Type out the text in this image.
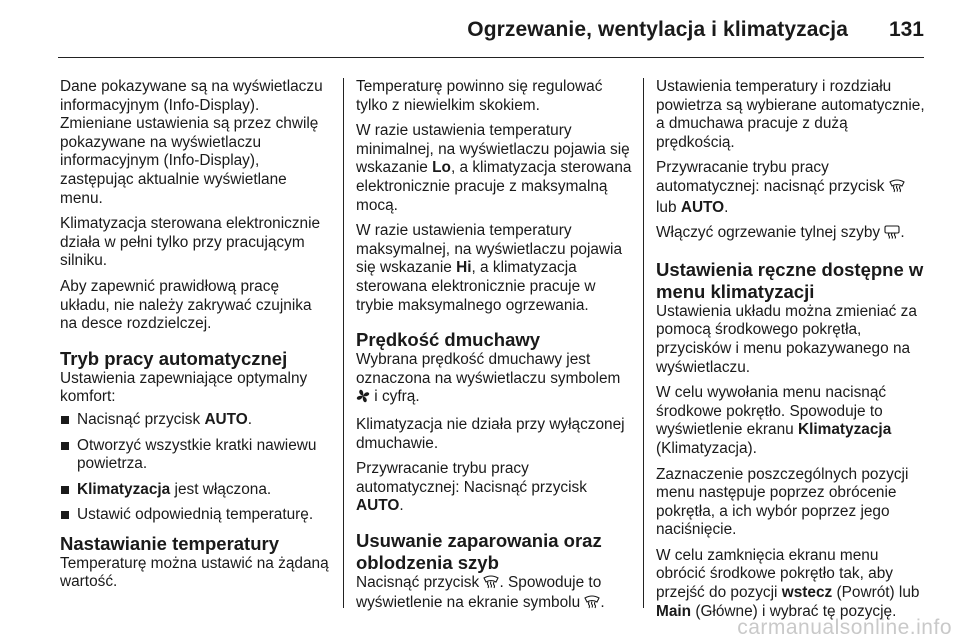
Ogrzewanie, wentylacja i klimatyzacja 131

Dane pokazywane są na wyświetlaczu informacyjnym (Info-Display). Zmieniane ustawienia są przez chwilę pokazywane na wyświetlaczu informacyjnym (Info-Display), zastępując aktualnie wyświetlane menu.

Klimatyzacja sterowana elektronicznie działa w pełni tylko przy pracującym silniku.

Aby zapewnić prawidłową pracę układu, nie należy zakrywać czujnika na desce rozdzielczej.

Tryb pracy automatycznej

Ustawienia zapewniające optymalny komfort:

Nacisnąć przycisk AUTO.
Otworzyć wszystkie kratki nawiewu powietrza.
Klimatyzacja jest włączona.
Ustawić odpowiednią temperaturę.
Nastawianie temperatury

Temperaturę można ustawić na żądaną wartość.

Temperaturę powinno się regulować tylko z niewielkim skokiem.

W razie ustawienia temperatury minimalnej, na wyświetlaczu pojawia się wskazanie Lo, a klimatyzacja sterowana elektronicznie pracuje z maksymalną mocą.

W razie ustawienia temperatury maksymalnej, na wyświetlaczu pojawia się wskazanie Hi, a klimatyzacja sterowana elektronicznie pracuje w trybie maksymalnego ogrzewania.

Prędkość dmuchawy

Wybrana prędkość dmuchawy jest oznaczona na wyświetlaczu symbolem  i cyfrą.

Klimatyzacja nie działa przy wyłączonej dmuchawie.

Przywracanie trybu pracy automatycznej: Nacisnąć przycisk AUTO.

Usuwanie zaparowania oraz oblodzenia szyb

Nacisnąć przycisk . Spowoduje to wyświetlenie na ekranie symbolu .

Ustawienia temperatury i rozdziału powietrza są wybierane automatycznie, a dmuchawa pracuje z dużą prędkością.

Przywracanie trybu pracy automatycznej: nacisnąć przycisk  lub AUTO.

Włączyć ogrzewanie tylnej szyby .

Ustawienia ręczne dostępne w menu klimatyzacji

Ustawienia układu można zmieniać za pomocą środkowego pokrętła, przycisków i menu pokazywanego na wyświetlaczu.

W celu wywołania menu nacisnąć środkowe pokrętło. Spowoduje to wyświetlenie ekranu Klimatyzacja (Klimatyzacja).

Zaznaczenie poszczególnych pozycji menu następuje poprzez obrócenie pokrętła, a ich wybór poprzez jego naciśnięcie.

W celu zamknięcia ekranu menu obrócić środkowe pokrętło tak, aby przejść do pozycji wstecz (Powrót) lub Main (Główne) i wybrać tę pozycję.

carmanualsonline.info
